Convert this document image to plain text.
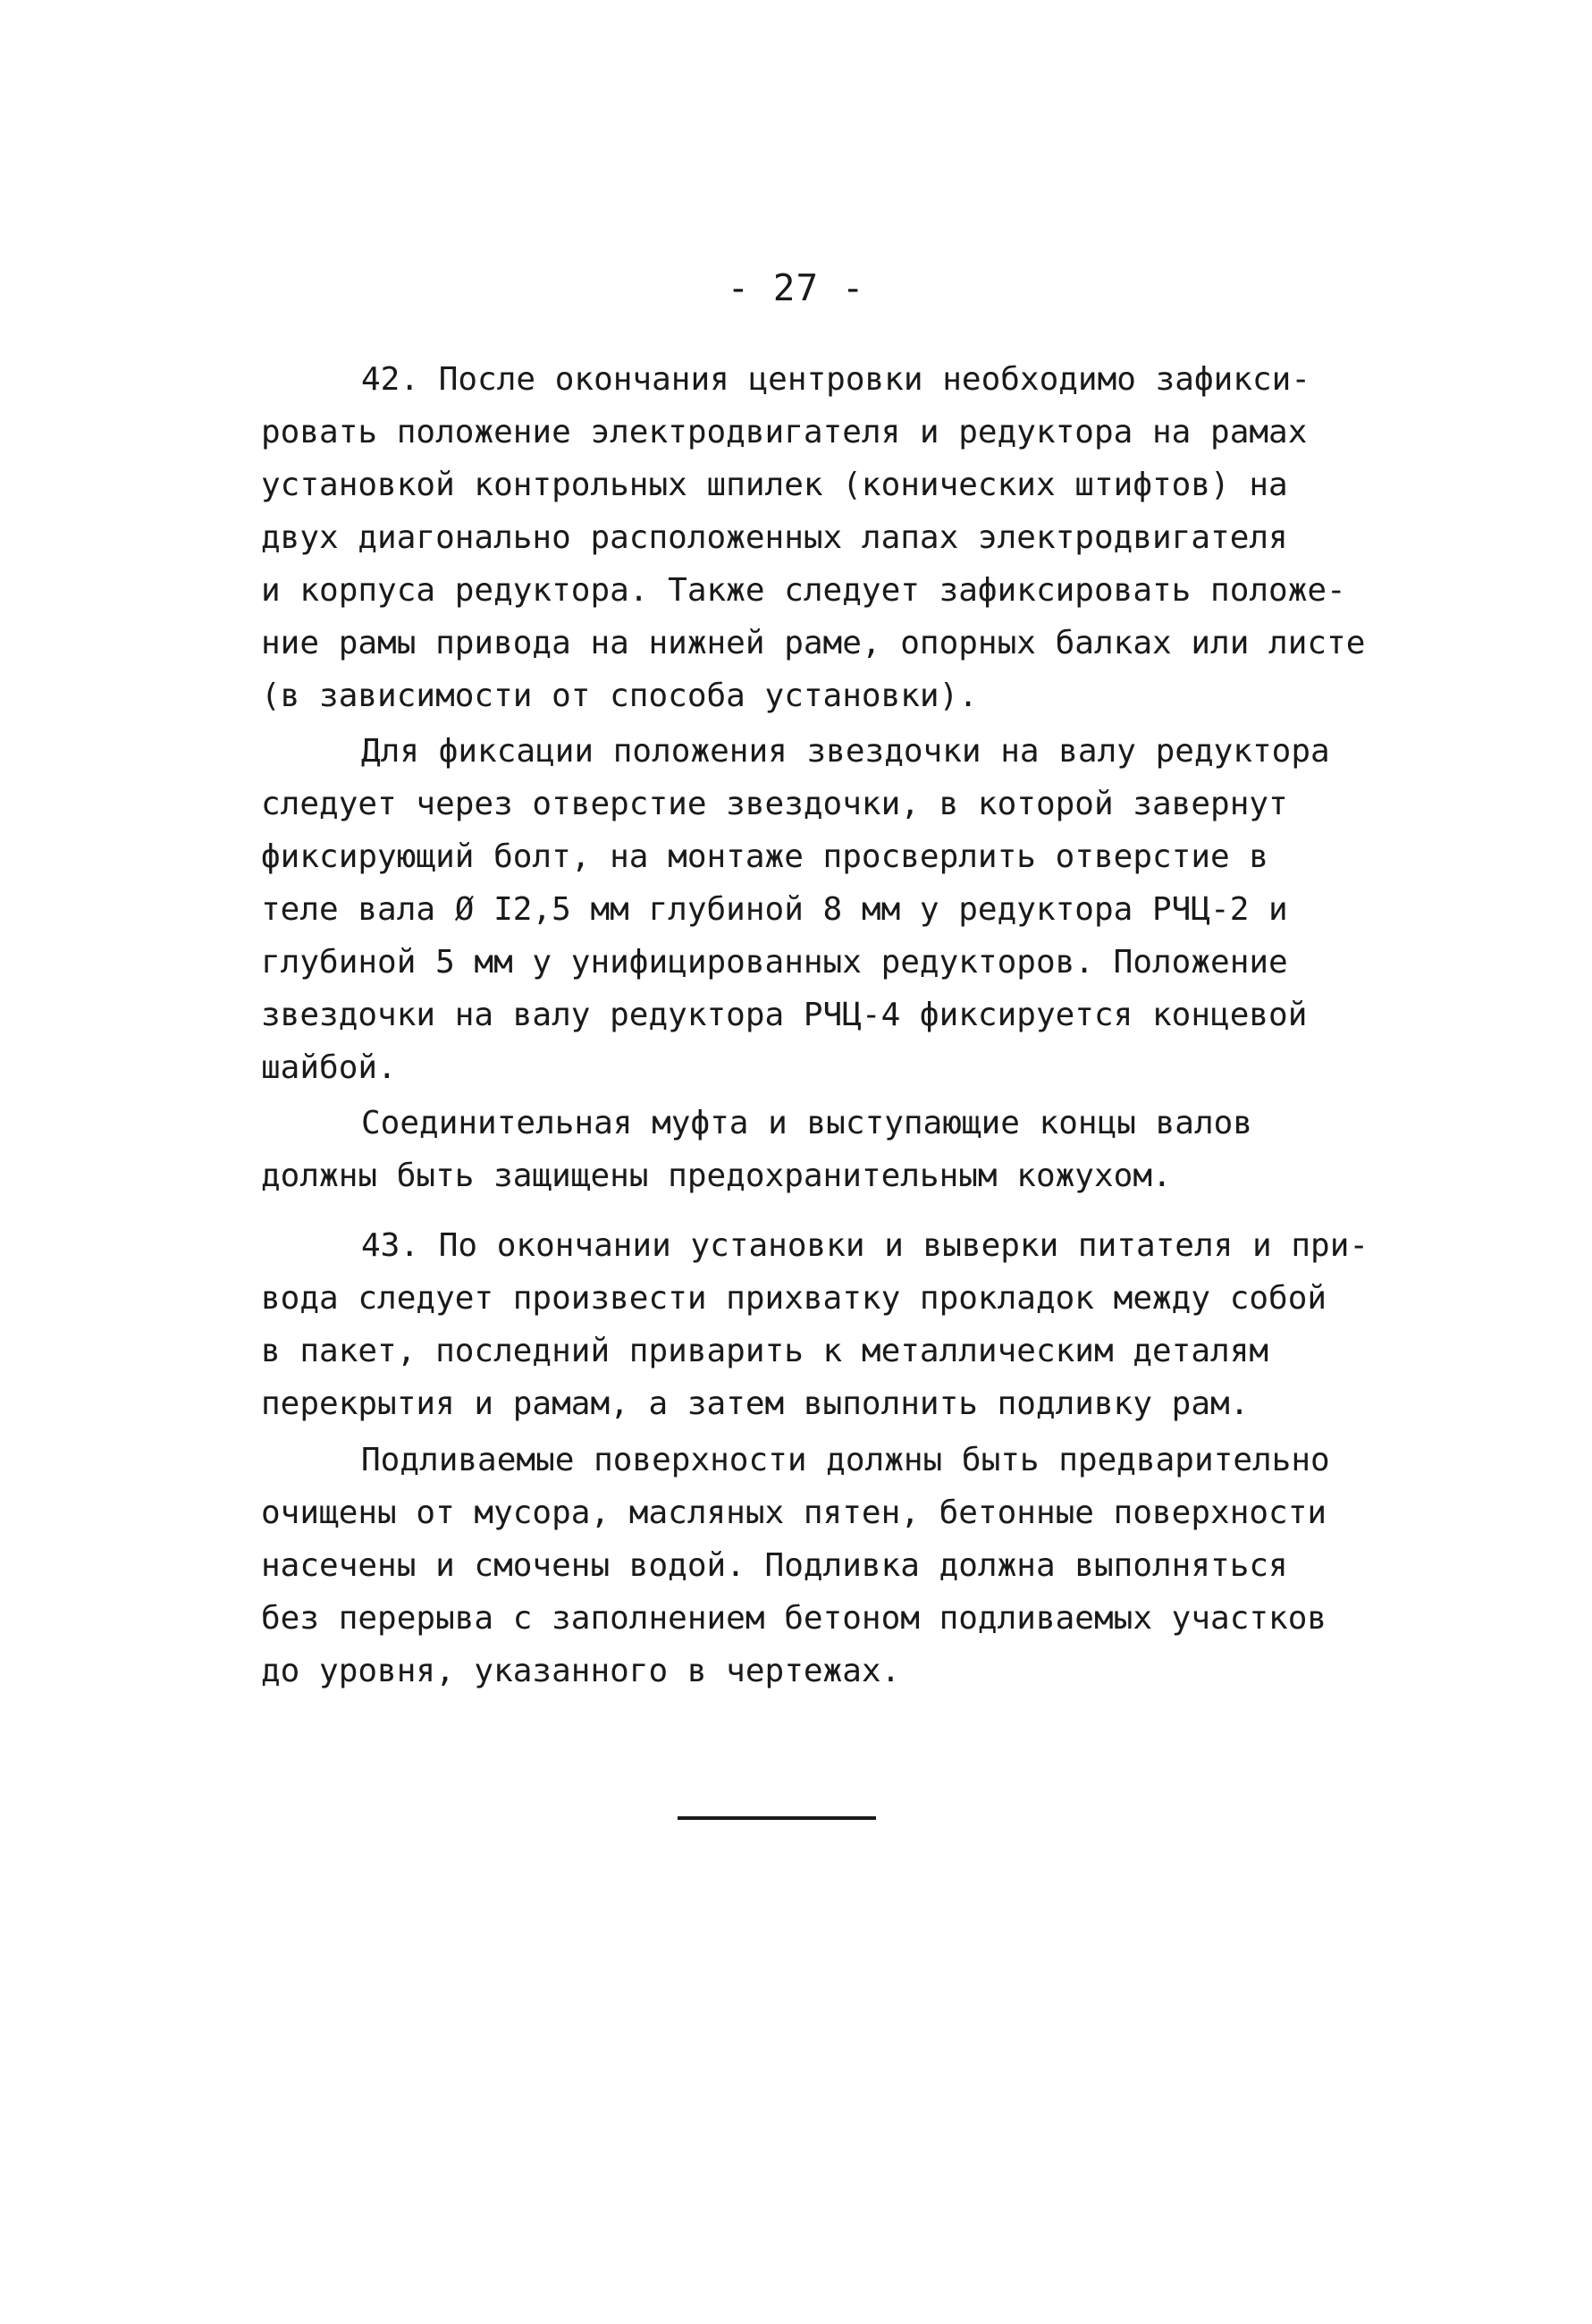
- 27 -
42. После окончания центровки необходимо зафикси-
ровать положение электродвигателя и редуктора на рамах
установкой контрольных шпилек (конических штифтов) на
двух диагонально расположенных лапах электродвигателя
и корпуса редуктора. Также следует зафиксировать положе-
ние рамы привода на нижней раме, опорных балках или листе
(в зависимости от способа установки).
Для фиксации положения звездочки на валу редуктора
следует через отверстие звездочки, в которой завернут
фиксирующий болт, на монтаже просверлить отверстие в
теле вала Ø I2,5 мм глубиной 8 мм у редуктора РЧЦ-2 и
глубиной 5 мм у унифицированных редукторов. Положение
звездочки на валу редуктора РЧЦ-4 фиксируется концевой
шайбой.
Соединительная муфта и выступающие концы валов
должны быть защищены предохранительным кожухом.
43. По окончании установки и выверки питателя и при-
вода следует произвести прихватку прокладок между собой
в пакет, последний приварить к металлическим деталям
перекрытия и рамам, а затем выполнить подливку рам.
Подливаемые поверхности должны быть предварительно
очищены от мусора, масляных пятен, бетонные поверхности
насечены и смочены водой. Подливка должна выполняться
без перерыва с заполнением бетоном подливаемых участков
до уровня, указанного в чертежах.
